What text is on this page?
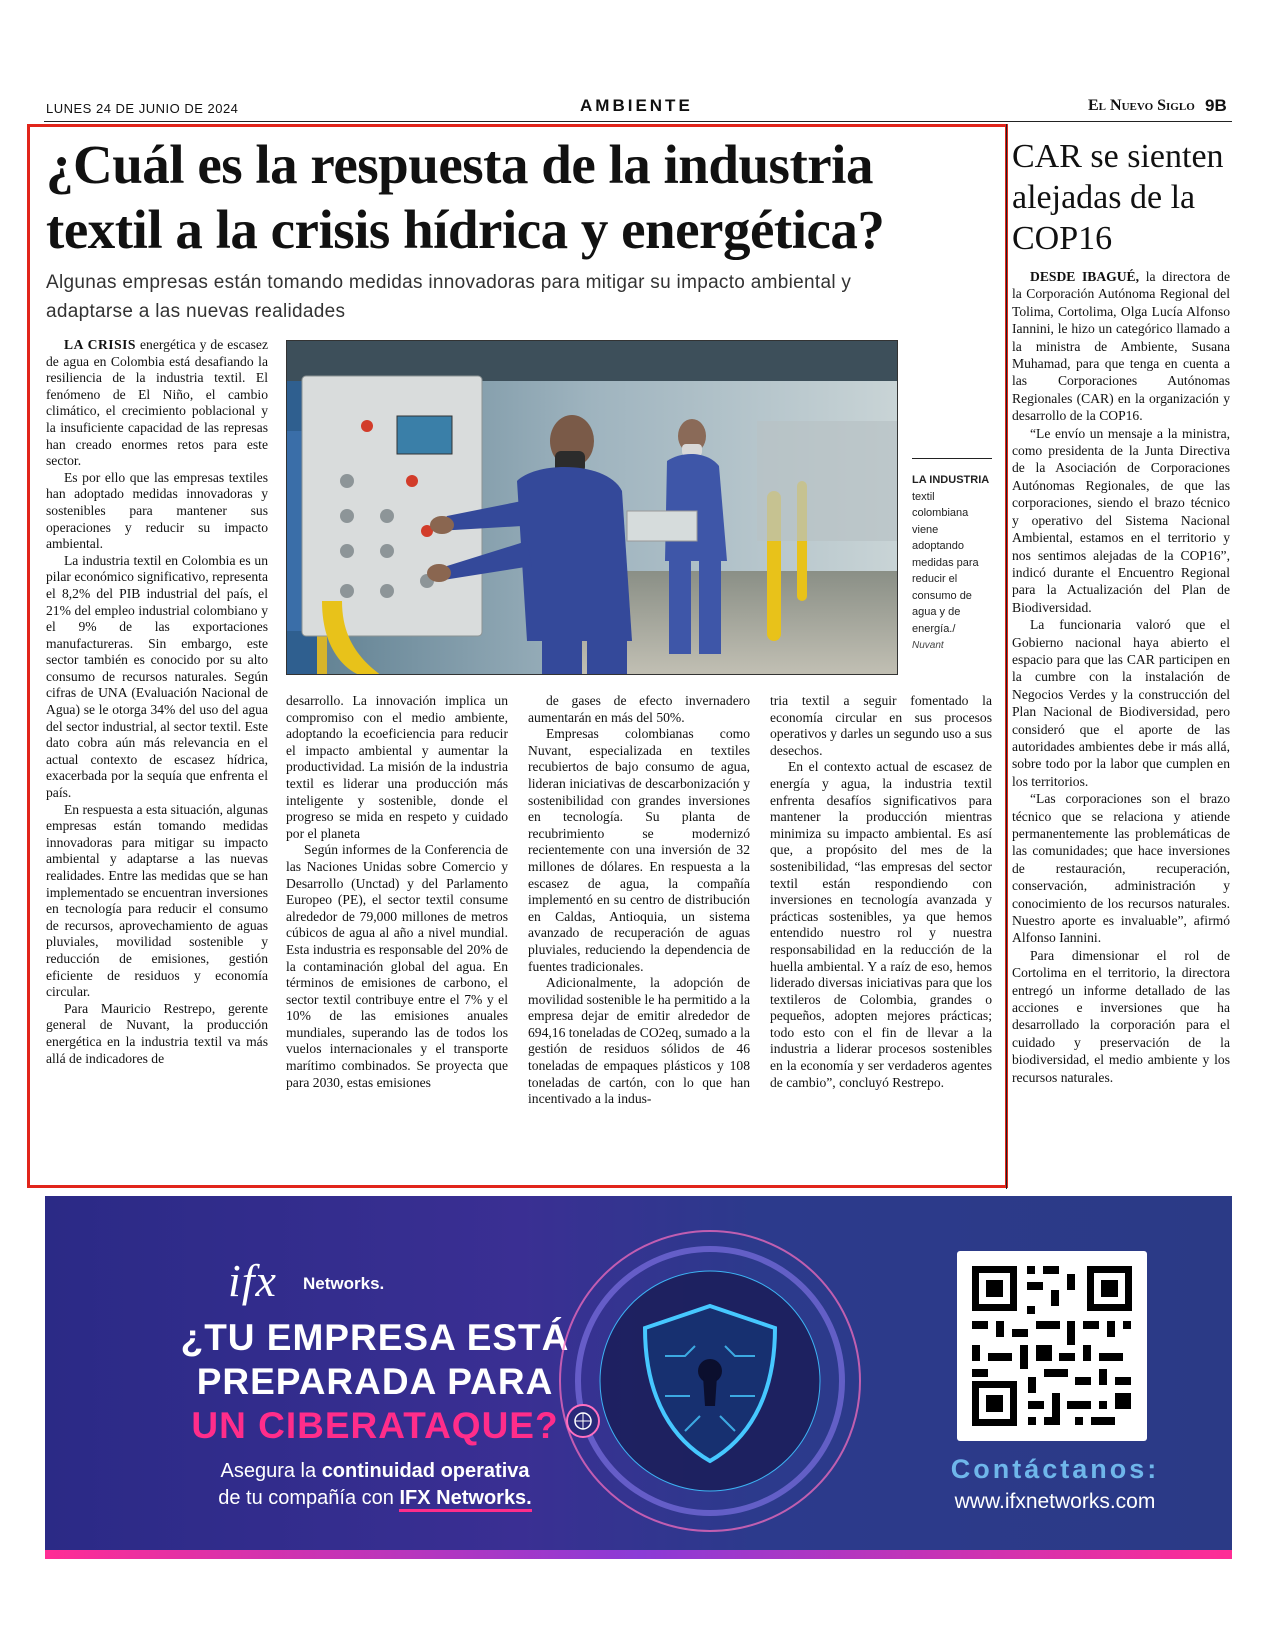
LUNES 24 DE JUNIO DE 2024	AMBIENTE	El Nuevo Siglo 9B
¿Cuál es la respuesta de la industria textil a la crisis hídrica y energética?
Algunas empresas están tomando medidas innovadoras para mitigar su impacto ambiental y adaptarse a las nuevas realidades

LA CRISIS energética y de escasez de agua en Colombia está desafiando la resiliencia de la industria textil. El fenómeno de El Niño, el cambio climático, el crecimiento poblacional y la insuficiente capacidad de las represas han creado enormes retos para este sector.

Es por ello que las empresas textiles han adoptado medidas innovadoras y sostenibles para mantener sus operaciones y reducir su impacto ambiental.

La industria textil en Colombia es un pilar económico significativo, representa el 8,2% del PIB industrial del país, el 21% del empleo industrial colombiano y el 9% de las exportaciones manufactureras. Sin embargo, este sector también es conocido por su alto consumo de recursos naturales. Según cifras de UNA (Evaluación Nacional de Agua) se le otorga 34% del uso del agua del sector industrial, al sector textil. Este dato cobra aún más relevancia en el actual contexto de escasez hídrica, exacerbada por la sequía que enfrenta el país.

En respuesta a esta situación, algunas empresas están tomando medidas innovadoras para mitigar su impacto ambiental y adaptarse a las nuevas realidades. Entre las medidas que se han implementado se encuentran inversiones en tecnología para reducir el consumo de recursos, aprovechamiento de aguas pluviales, movilidad sostenible y reducción de emisiones, gestión eficiente de residuos y economía circular.

Para Mauricio Restrepo, gerente general de Nuvant, la producción energética en la industria textil va más allá de indicadores de

LA INDUSTRIA
textil colombiana viene adoptando medidas para reducir el consumo de agua y de energía./
Nuvant

desarrollo. La innovación implica un compromiso con el medio ambiente, adoptando la ecoeficiencia para reducir el impacto ambiental y aumentar la productividad. La misión de la industria textil es liderar una producción más inteligente y sostenible, donde el progreso se mida en respeto y cuidado por el planeta

Según informes de la Conferencia de las Naciones Unidas sobre Comercio y Desarrollo (Unctad) y del Parlamento Europeo (PE), el sector textil consume alrededor de 79,000 millones de metros cúbicos de agua al año a nivel mundial. Esta industria es responsable del 20% de la contaminación global del agua. En términos de emisiones de carbono, el sector textil contribuye entre el 7% y el 10% de las emisiones anuales mundiales, superando las de todos los vuelos internacionales y el transporte marítimo combinados. Se proyecta que para 2030, estas emisiones

de gases de efecto invernadero aumentarán en más del 50%.

Empresas colombianas como Nuvant, especializada en textiles recubiertos de bajo consumo de agua, lideran iniciativas de descarbonización y sostenibilidad con grandes inversiones en tecnología. Su planta de recubrimiento se modernizó recientemente con una inversión de 32 millones de dólares. En respuesta a la escasez de agua, la compañía implementó en su centro de distribución en Caldas, Antioquia, un sistema avanzado de recuperación de aguas pluviales, reduciendo la dependencia de fuentes tradicionales.

Adicionalmente, la adopción de movilidad sostenible le ha permitido a la empresa dejar de emitir alrededor de 694,16 toneladas de CO2eq, sumado a la gestión de residuos sólidos de 46 toneladas de empaques plásticos y 108 toneladas de cartón, con lo que han incentivado a la indus-

tria textil a seguir fomentado la economía circular en sus procesos operativos y darles un segundo uso a sus desechos.

En el contexto actual de escasez de energía y agua, la industria textil enfrenta desafíos significativos para mantener la producción mientras minimiza su impacto ambiental. Es así que, a propósito del mes de la sostenibilidad, “las empresas del sector textil están respondiendo con inversiones en tecnología avanzada y prácticas sostenibles, ya que hemos entendido nuestro rol y nuestra responsabilidad en la reducción de la huella ambiental. Y a raíz de eso, hemos liderado diversas iniciativas para que los textileros de Colombia, grandes o pequeños, adopten mejores prácticas; todo esto con el fin de llevar a la industria a liderar procesos sostenibles en la economía y ser verdaderos agentes de cambio”, concluyó Restrepo.

CAR se sienten alejadas de la COP16

DESDE IBAGUÉ, la directora de la Corporación Autónoma Regional del Tolima, Cortolima, Olga Lucía Alfonso Iannini, le hizo un categórico llamado a la ministra de Ambiente, Susana Muhamad, para que tenga en cuenta a las Corporaciones Autónomas Regionales (CAR) en la organización y desarrollo de la COP16.

“Le envío un mensaje a la ministra, como presidenta de la Junta Directiva de la Asociación de Corporaciones Autónomas Regionales, de que las corporaciones, siendo el brazo técnico y operativo del Sistema Nacional Ambiental, estamos en el territorio y nos sentimos alejadas de la COP16”, indicó durante el Encuentro Regional para la Actualización del Plan de Biodiversidad.

La funcionaria valoró que el Gobierno nacional haya abierto el espacio para que las CAR participen en la cumbre con la instalación de Negocios Verdes y la construcción del Plan Nacional de Biodiversidad, pero consideró que el aporte de las autoridades ambientes debe ir más allá, sobre todo por la labor que cumplen en los territorios.

“Las corporaciones son el brazo técnico que se relaciona y atiende permanentemente las problemáticas de las comunidades; que hace inversiones de restauración, recuperación, conservación, administración y conocimiento de los recursos naturales. Nuestro aporte es invaluable”, afirmó Alfonso Iannini.

Para dimensionar el rol de Cortolima en el territorio, la directora entregó un informe detallado de las acciones e inversiones que ha desarrollado la corporación para el cuidado y preservación de la biodiversidad, el medio ambiente y los recursos naturales.

ifx Networks.
¿TU EMPRESA ESTÁ PREPARADA PARA
UN CIBERATAQUE?
Asegura la continuidad operativa
de tu compañía con IFX Networks.
Contáctanos:
www.ifxnetworks.com
